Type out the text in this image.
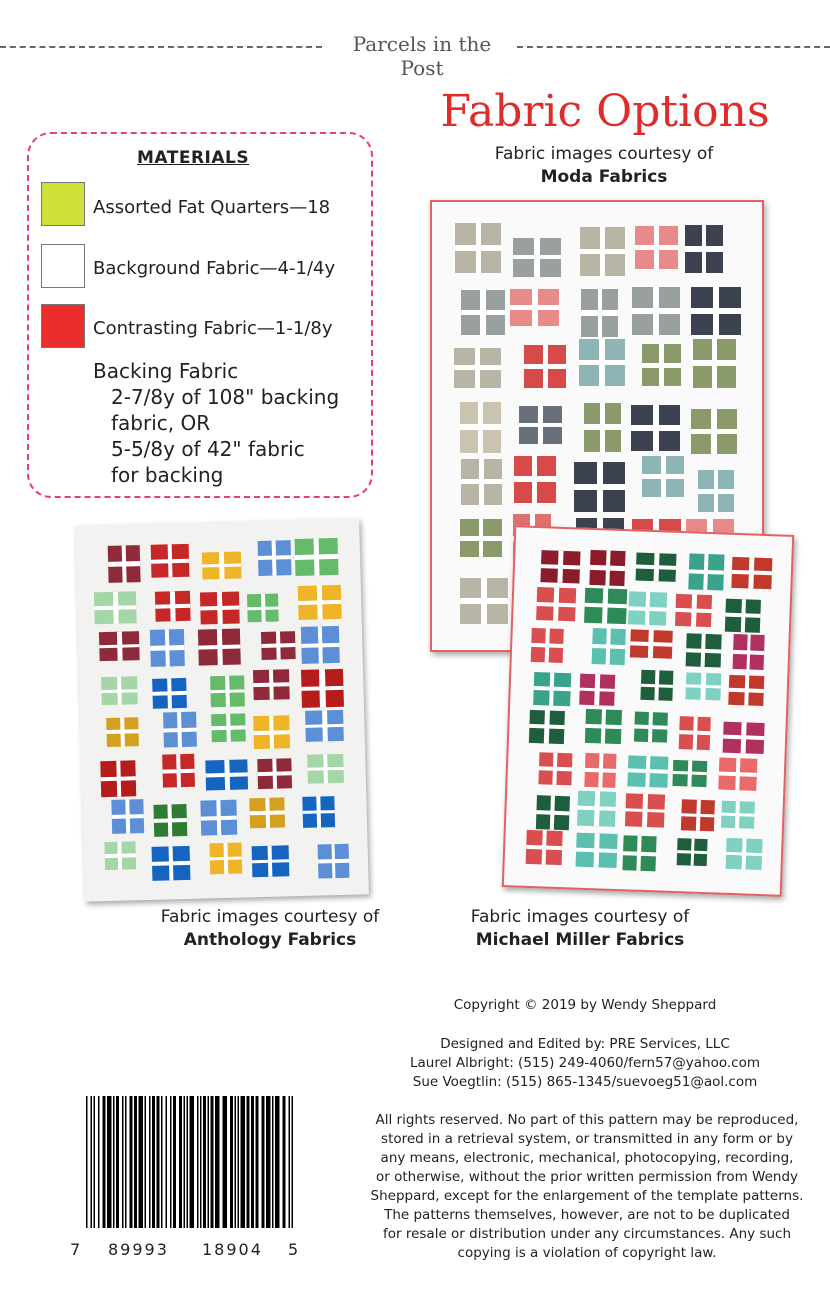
Parcels in the Post
Fabric Options
Fabric images courtesy of
Moda Fabrics
MATERIALS
Assorted Fat Quarters—18
Background Fabric—4-1/4y
Contrasting Fabric—1-1/8y
Backing Fabric
2-7/8y of 108" backing
fabric, OR
5-5/8y of 42" fabric
for backing
Fabric images courtesy of
Anthology Fabrics
Fabric images courtesy of
Michael Miller Fabrics
Copyright © 2019 by Wendy Sheppard
Designed and Edited by: PRE Services, LLC
Laurel Albright: (515) 249-4060/fern57@yahoo.com
Sue Voegtlin: (515) 865-1345/suevoeg51@aol.com
All rights reserved. No part of this pattern may be reproduced,
stored in a retrieval system, or transmitted in any form or by
any means, electronic, mechanical, photocopying, recording,
or otherwise, without the prior written permission from Wendy
Sheppard, except for the enlargement of the template patterns.
The patterns themselves, however, are not to be duplicated
for resale or distribution under any circumstances. Any such
copying is a violation of copyright law.
7 89993 18904 5
